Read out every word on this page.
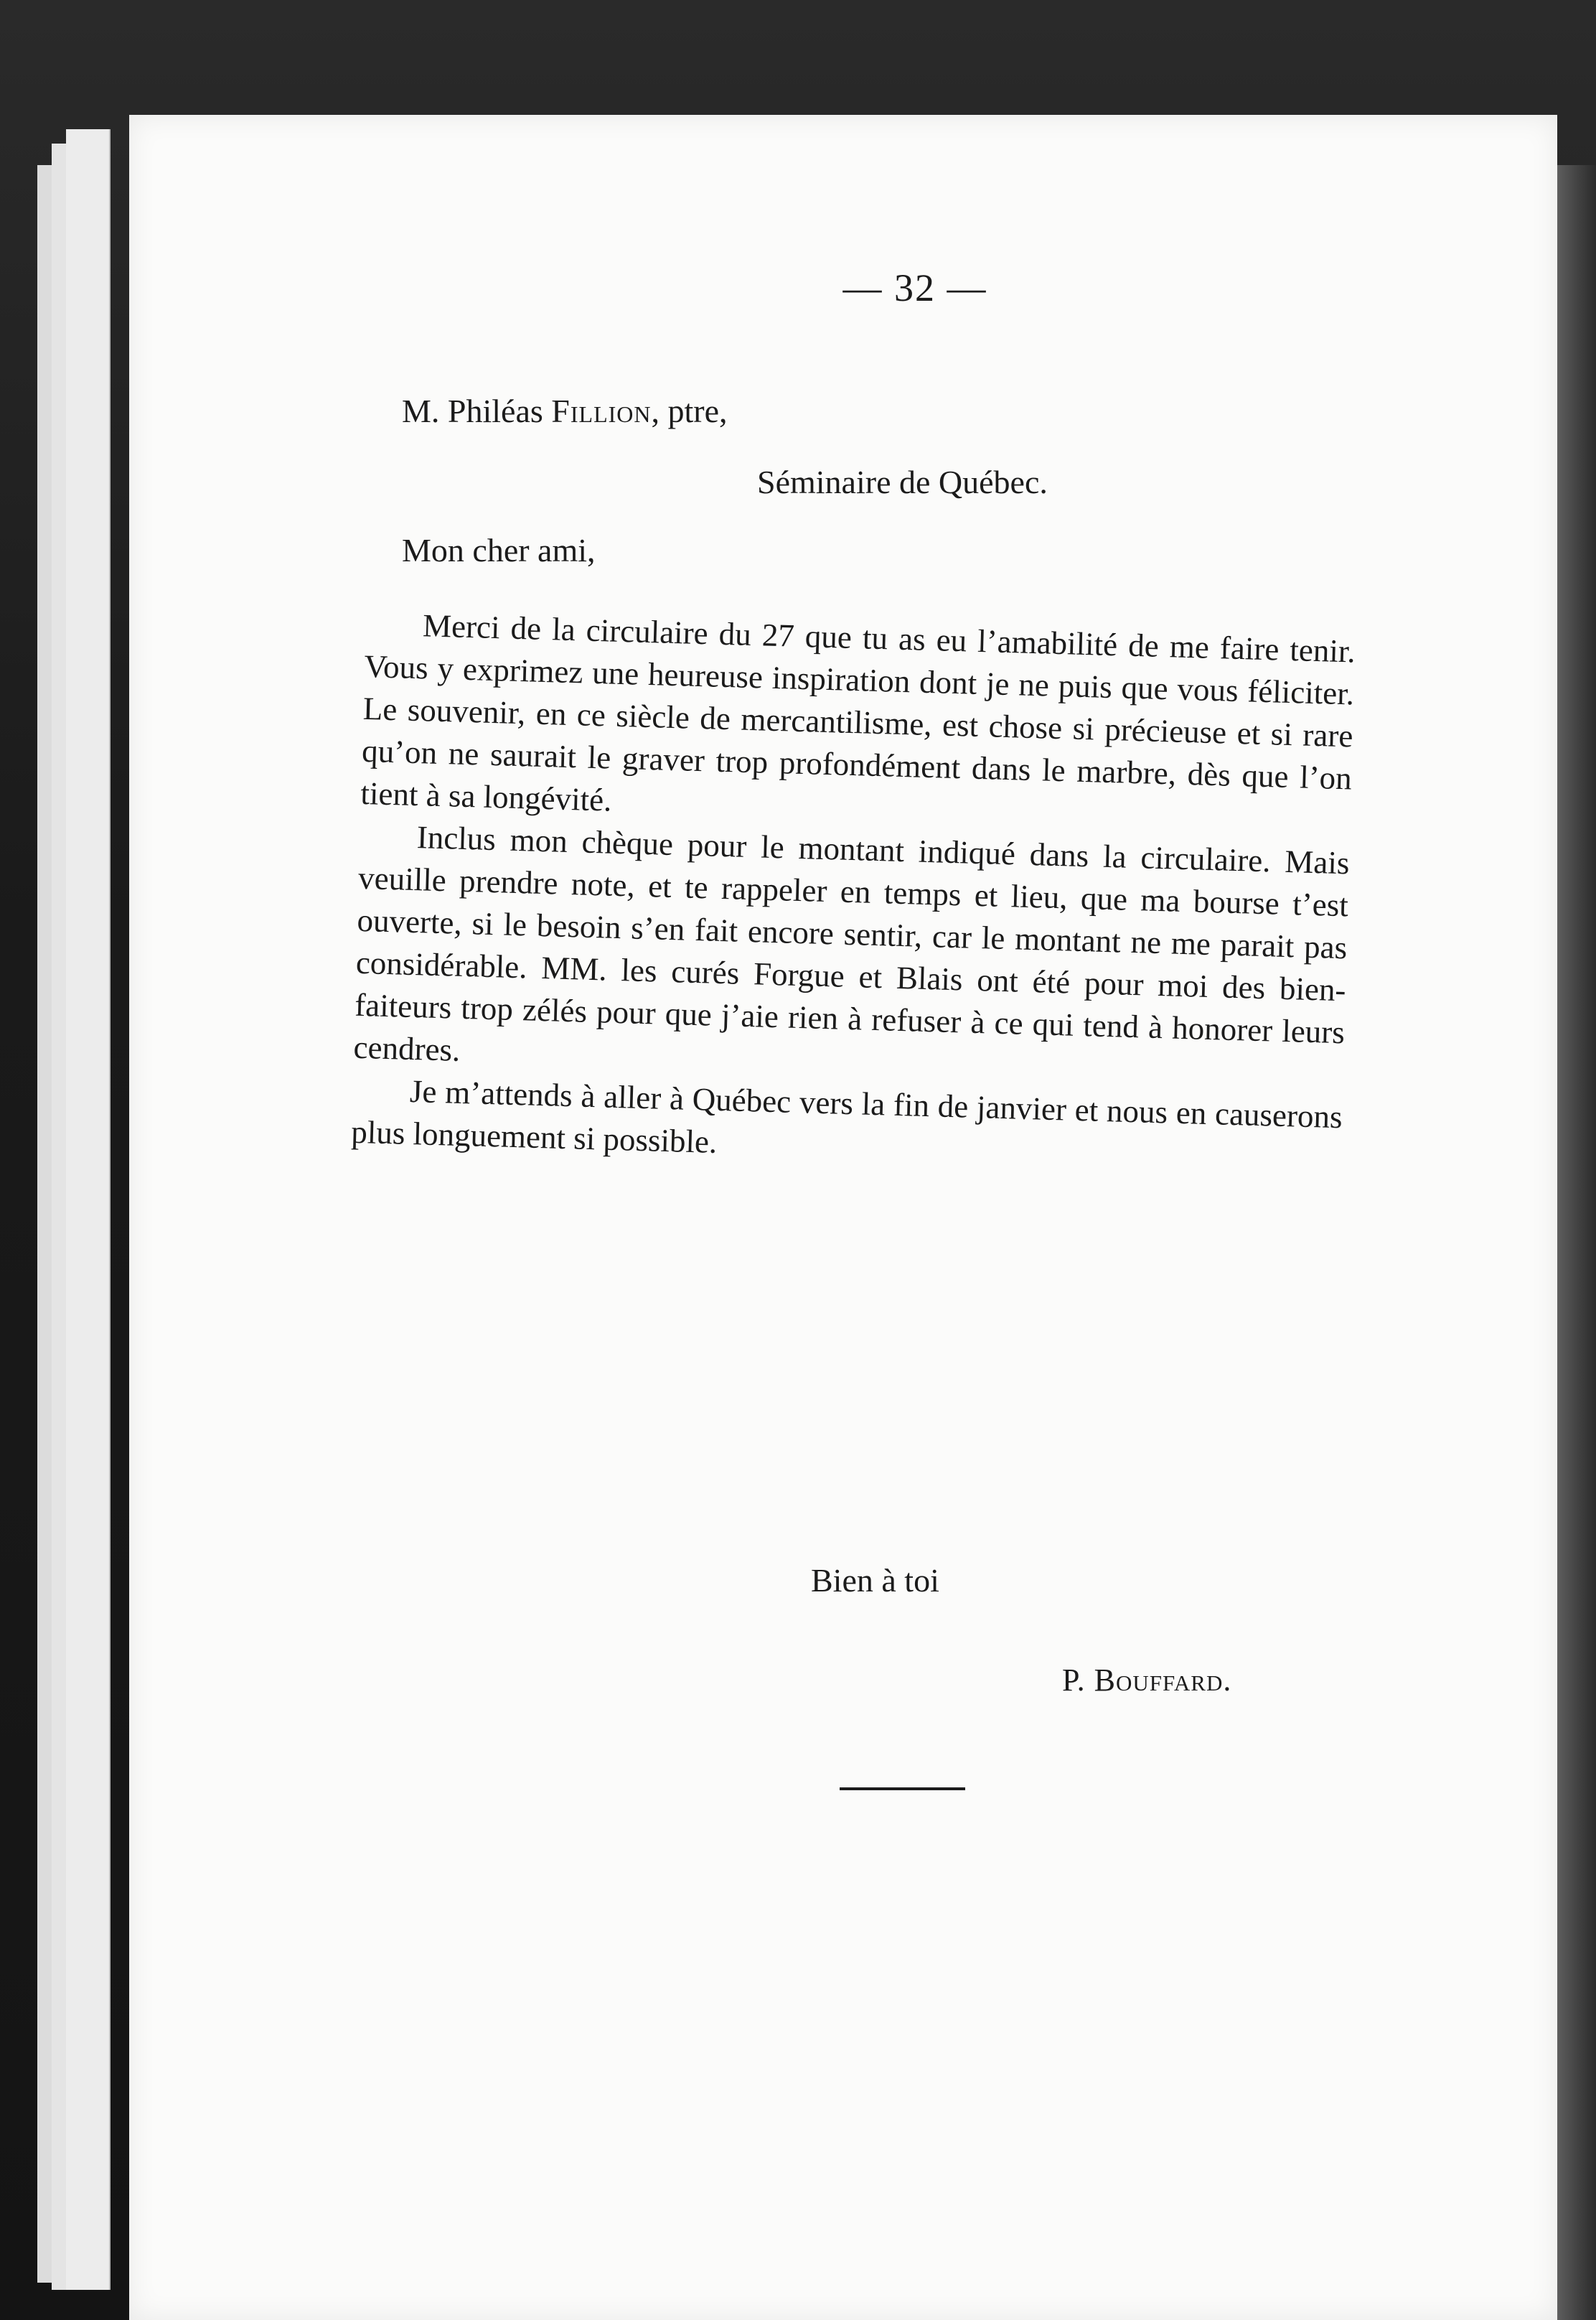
— 32 —
M. Philéas Fillion, ptre,
Séminaire de Québec.
Mon cher ami,

Merci de la circulaire du 27 que tu as eu l’amabilité de me faire tenir. Vous y exprimez une heureuse inspiration dont je ne puis que vous féliciter. Le souvenir, en ce siècle de mercantilisme, est chose si précieuse et si rare qu’on ne saurait le graver trop profondément dans le marbre, dès que l’on tient à sa longévité.

Inclus mon chèque pour le montant indiqué dans la circulaire. Mais veuille prendre note, et te rappeler en temps et lieu, que ma bourse t’est ouverte, si le besoin s’en fait encore sentir, car le montant ne me parait pas considérable. MM. les curés Forgue et Blais ont été pour moi des bienfaiteurs trop zélés pour que j’aie rien à refuser à ce qui tend à honorer leurs cendres.

Je m’attends à aller à Québec vers la fin de janvier et nous en causerons plus longuement si possible.

Bien à toi
P. Bouffard.
